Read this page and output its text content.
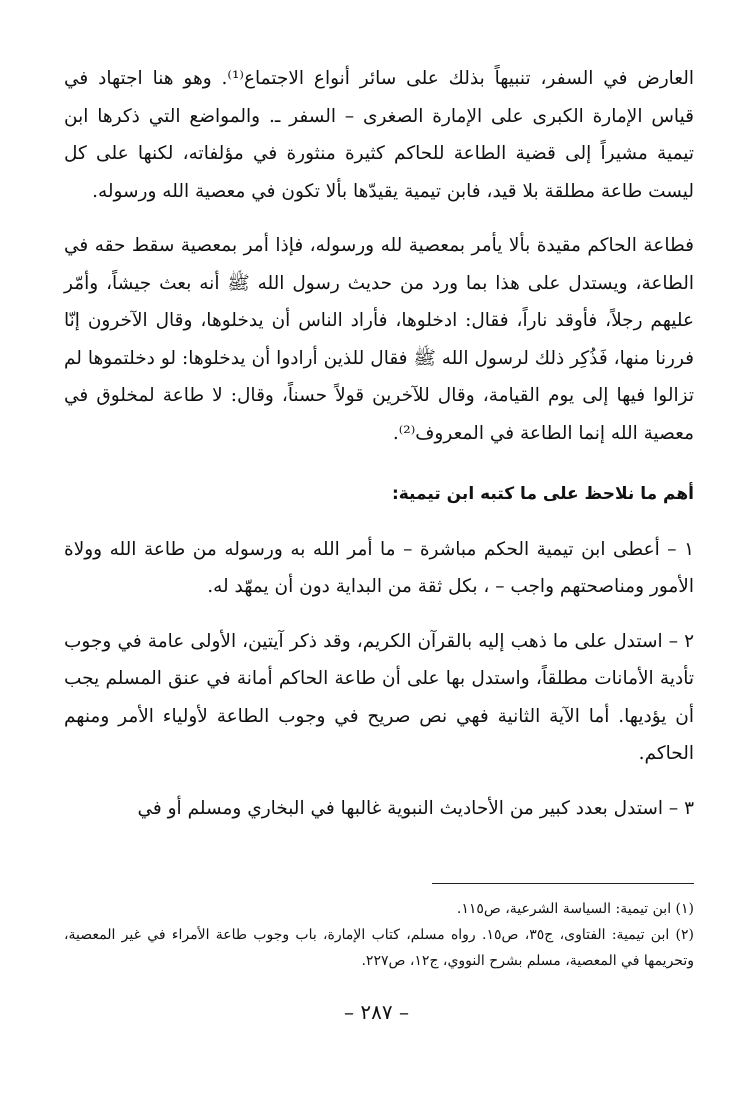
العارض في السفر، تنبيهاً بذلك على سائر أنواع الاجتماع⁽¹⁾. وهو هنا اجتهاد في قياس الإمارة الكبرى على الإمارة الصغرى – السفر ـ. والمواضع التي ذكرها ابن تيمية مشيراً إلى قضية الطاعة للحاكم كثيرة منثورة في مؤلفاته، لكنها على كل ليست طاعة مطلقة بلا قيد، فابن تيمية يقيدّها بألا تكون في معصية الله ورسوله.

فطاعة الحاكم مقيدة بألا يأمر بمعصية لله ورسوله، فإذا أمر بمعصية سقط حقه في الطاعة، ويستدل على هذا بما ورد من حديث رسول الله ﷺ أنه بعث جيشاً، وأمّر عليهم رجلاً، فأوقد ناراً، فقال: ادخلوها، فأراد الناس أن يدخلوها، وقال الآخرون إنّا فررنا منها، فَذُكِر ذلك لرسول الله ﷺ فقال للذين أرادوا أن يدخلوها: لو دخلتموها لم تزالوا فيها إلى يوم القيامة، وقال للآخرين قولاً حسناً، وقال: لا طاعة لمخلوق في معصية الله إنما الطاعة في المعروف⁽²⁾.

أهم ما نلاحظ على ما كتبه ابن تيمية:

١ – أعطى ابن تيمية الحكم مباشرة – ما أمر الله به ورسوله من طاعة الله وولاة الأمور ومناصحتهم واجب – ، بكل ثقة من البداية دون أن يمهّد له.

٢ – استدل على ما ذهب إليه بالقرآن الكريم، وقد ذكر آيتين، الأولى عامة في وجوب تأدية الأمانات مطلقاً، واستدل بها على أن طاعة الحاكم أمانة في عنق المسلم يجب أن يؤديها. أما الآية الثانية فهي نص صريح في وجوب الطاعة لأولياء الأمر ومنهم الحاكم.

٣ – استدل بعدد كبير من الأحاديث النبوية غالبها في البخاري ومسلم أو في

(١) ابن تيمية: السياسة الشرعية، ص١١٥.

(٢) ابن تيمية: الفتاوى، ج٣٥، ص١٥. رواه مسلم، كتاب الإمارة، باب وجوب طاعة الأمراء في غير المعصية، وتحريمها في المعصية، مسلم بشرح النووي، ج١٢، ص٢٢٧.

– ٢٨٧ –
